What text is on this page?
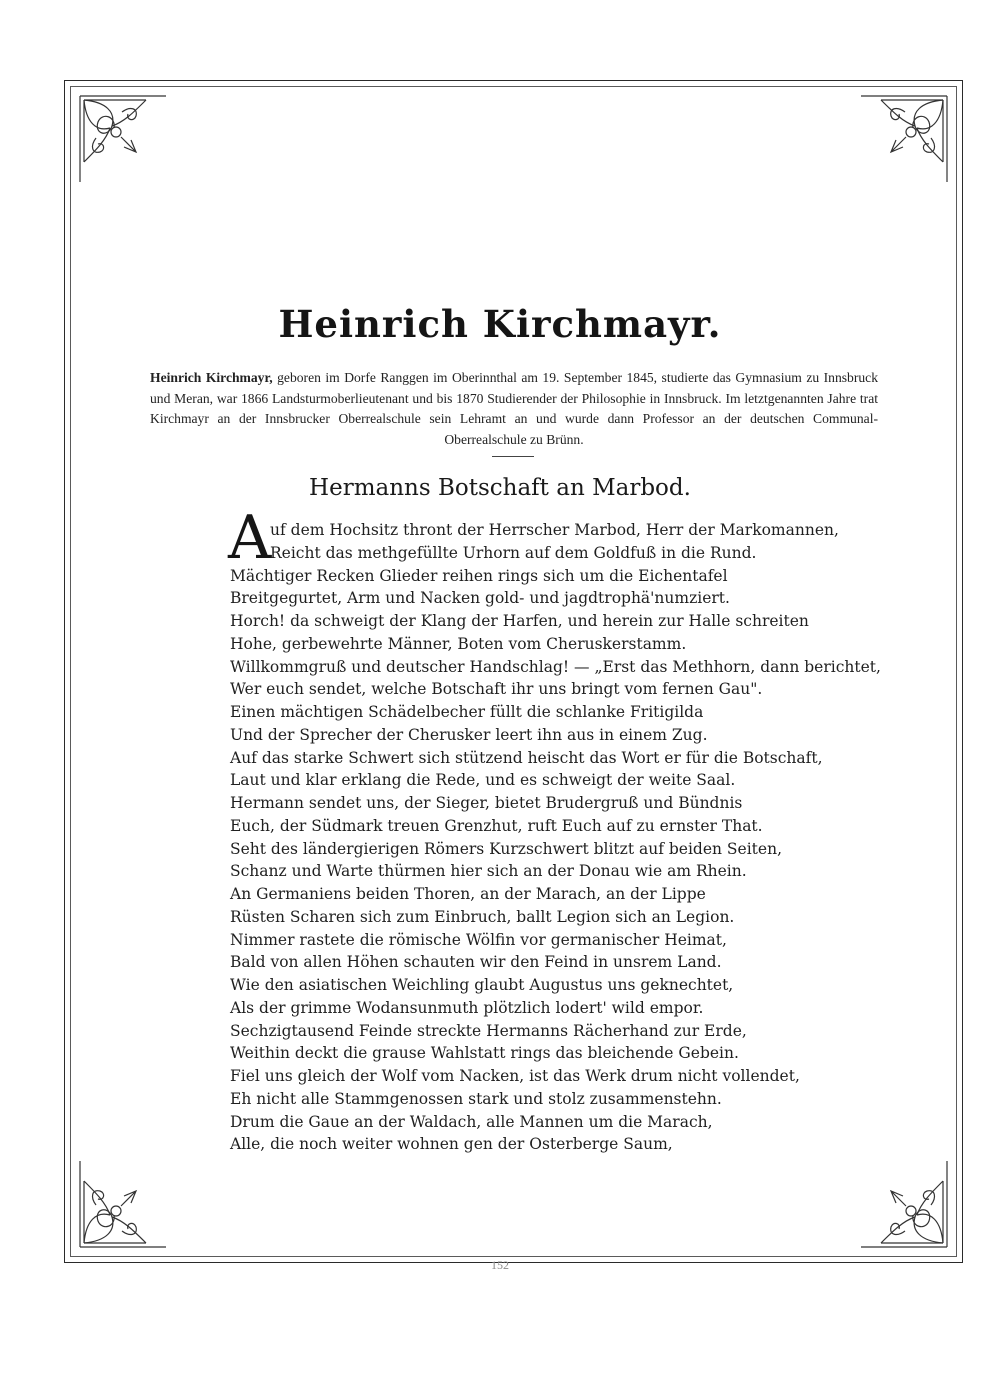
Heinrich Kirchmayr.
Heinrich Kirchmayr, geboren im Dorfe Ranggen im Oberinnthal am 19. September 1845, studierte das Gymnasium zu Innsbruck und Meran, war 1866 Landsturmoberlieutenant und bis 1870 Studierender der Philosophie in Innsbruck. Im letztgenannten Jahre trat Kirchmayr an der Innsbrucker Oberrealschule sein Lehramt an und wurde dann Professor an der deutschen Communal-Oberrealschule zu Brünn.
Hermanns Botschaft an Marbod.
A
uf dem Hochsitz thront der Herrscher Marbod, Herr der Markomannen,
Reicht das methgefüllte Urhorn auf dem Goldfuß in die Rund.
Mächtiger Recken Glieder reihen rings sich um die Eichentafel
Breitgegurtet, Arm und Nacken gold- und jagdtrophä'numziert.
Horch! da schweigt der Klang der Harfen, und herein zur Halle schreiten
Hohe, gerbewehrte Männer, Boten vom Cheruskerstamm.
Willkommgruß und deutscher Handschlag! — „Erst das Methhorn, dann berichtet,
Wer euch sendet, welche Botschaft ihr uns bringt vom fernen Gau".
Einen mächtigen Schädelbecher füllt die schlanke Fritigilda
Und der Sprecher der Cherusker leert ihn aus in einem Zug.
Auf das starke Schwert sich stützend heischt das Wort er für die Botschaft,
Laut und klar erklang die Rede, und es schweigt der weite Saal.
Hermann sendet uns, der Sieger, bietet Brudergruß und Bündnis
Euch, der Südmark treuen Grenzhut, ruft Euch auf zu ernster That.
Seht des ländergierigen Römers Kurzschwert blitzt auf beiden Seiten,
Schanz und Warte thürmen hier sich an der Donau wie am Rhein.
An Germaniens beiden Thoren, an der Marach, an der Lippe
Rüsten Scharen sich zum Einbruch, ballt Legion sich an Legion.
Nimmer rastete die römische Wölfin vor germanischer Heimat,
Bald von allen Höhen schauten wir den Feind in unsrem Land.
Wie den asiatischen Weichling glaubt Augustus uns geknechtet,
Als der grimme Wodansunmuth plötzlich lodert' wild empor.
Sechzigtausend Feinde streckte Hermanns Rächerhand zur Erde,
Weithin deckt die grause Wahlstatt rings das bleichende Gebein.
Fiel uns gleich der Wolf vom Nacken, ist das Werk drum nicht vollendet,
Eh nicht alle Stammgenossen stark und stolz zusammenstehn.
Drum die Gaue an der Waldach, alle Mannen um die Marach,
Alle, die noch weiter wohnen gen der Osterberge Saum,
152
